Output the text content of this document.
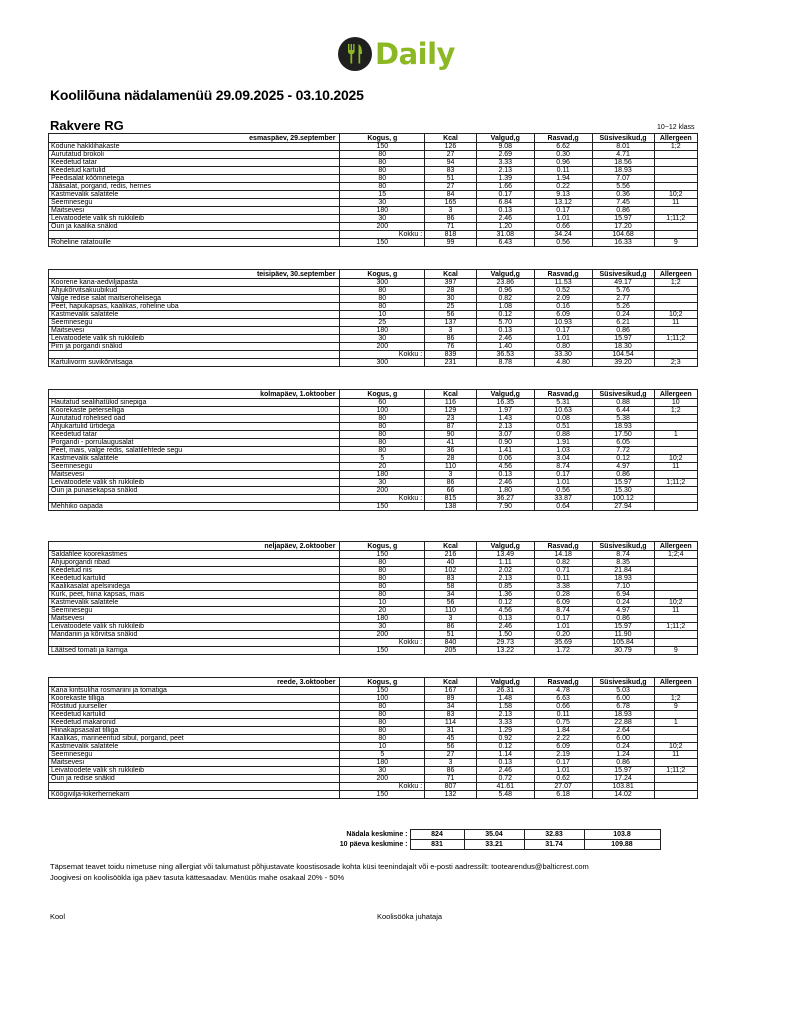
Daily
Koolilõuna nädalamenüü 29.09.2025 - 03.10.2025
Rakvere RG	10−12 klass
esmaspäev, 29.september	Kogus, g	Kcal	Valgud,g	Rasvad,g	Süsivesikud,g	Allergeen
Kodune hakklihakaste	150	126	9.08	6.62	8.01	1;2
Aurutatud brokoli	80	27	2.69	0.30	4.71	
Keedetud tatar	80	94	3.33	0.96	18.56	
Keedetud kartulid	80	83	2.13	0.11	18.93	
Peedisalat kõõmnetega	80	51	1.39	1.94	7.07	
Jääsalat, porgand, redis, hernes	80	27	1.66	0.22	5.56	
Kastmevalik salatitele	15	84	0.17	9.13	0.36	10;2
Seemnesegu	30	165	6.84	13.12	7.45	11
Maitsevesi	180	3	0.13	0.17	0.86	
Leivatoodete valik sh rukkileib	30	86	2.46	1.01	15.97	1;11;2
Õun ja kaalika snäkid	200	71	1.20	0.66	17.20	
	Kokku :	818	31.08	34.24	104.68	
Roheline ratatouille	150	99	6.43	0.56	16.33	9
teisipäev, 30.september	Kogus, g	Kcal	Valgud,g	Rasvad,g	Süsivesikud,g	Allergeen
Koorene kana-aedviljapasta	300	397	23.86	11.53	49.17	1;2
Ahjukõrvitsakuubikud	80	28	0.96	0.52	5.76	
Valge redise salat maitserohelisega	80	30	0.82	2.09	2.77	
Peet, hapukapsas, kaalikas, roheline uba	80	25	1.08	0.16	5.26	
Kastmevalik salatitele	10	56	0.12	6.09	0.24	10;2
Seemnesegu	25	137	5.70	10.93	6.21	11
Maitsevesi	180	3	0.13	0.17	0.86	
Leivatoodete valik sh rukkileib	30	86	2.46	1.01	15.97	1;11;2
Pirn ja porgandi snäkid	200	76	1.40	0.80	18.30	
	Kokku :	839	36.53	33.30	104.54	
Kartulivorm suvikõrvitsaga	300	231	8.78	4.80	39.20	2;3
kolmapäev, 1.oktoober	Kogus, g	Kcal	Valgud,g	Rasvad,g	Süsivesikud,g	Allergeen
Hautatud sealihatükid sinepiga	60	116	16.35	5.31	0.88	10
Koorekaste peterselliga	100	129	1.97	10.63	6.44	1;2
Aurutatud rohelised oad	80	23	1.43	0.08	5.38	
Ahjukartulid ürtidega	80	87	2.13	0.51	18.93	
Keedetud tatar	80	90	3.07	0.88	17.50	1
Porgandi - porrulaugusalat	80	41	0.90	1.91	6.05	
Peet, mais, valge redis, salatilehtede segu	80	36	1.41	1.03	7.72	
Kastmevalik salatitele	5	28	0.06	3.04	0.12	10;2
Seemnesegu	20	110	4.56	8.74	4.97	11
Maitsevesi	180	3	0.13	0.17	0.86	
Leivatoodete valik sh rukkileib	30	86	2.46	1.01	15.97	1;11;2
Õun ja punasekapsa snäkid	200	66	1.80	0.56	15.30	
	Kokku :	815	36.27	33.87	100.12	
Mehhiko oapada	150	138	7.90	0.64	27.94	
neljapäev, 2.oktoober	Kogus, g	Kcal	Valgud,g	Rasvad,g	Süsivesikud,g	Allergeen
Saldafilee koorekastmes	150	216	13.49	14.18	8.74	1;2;4
Ahjuporgandi ribad	80	40	1.11	0.82	8.35	
Keedetud riis	80	102	2.02	0.71	21.84	
Keedetud kartulid	80	83	2.13	0.11	18.93	
Kaalikasalat apelsinidega	80	58	0.85	3.38	7.10	
Kurk, peet, hiina kapsas, mais	80	34	1.36	0.28	6.94	
Kastmevalik salatitele	10	56	0.12	6.09	0.24	10;2
Seemnesegu	20	110	4.56	8.74	4.97	11
Maitsevesi	180	3	0.13	0.17	0.86	
Leivatoodete valik sh rukkileib	30	86	2.46	1.01	15.97	1;11;2
Mandariin ja kõrvitsa snäkid	200	51	1.50	0.20	11.90	
	Kokku :	840	29.73	35.69	105.84	
Läätsed tomati ja karriga	150	205	13.22	1.72	30.79	9
reede, 3.oktoober	Kogus, g	Kcal	Valgud,g	Rasvad,g	Süsivesikud,g	Allergeen
Kana kintsuliha rosmariini ja tomatiga	150	167	26.31	4.78	5.03	
Koorekaste tilliga	100	89	1.48	6.63	6.00	1;2
Röstitud juurseller	80	34	1.58	0.66	6.78	9
Keedetud kartulid	80	83	2.13	0.11	18.93	
Keedetud makaronid	80	114	3.33	0.75	22.88	1
Hiinakapsasalat tilliga	80	31	1.29	1.84	2.64	
Kaalikas, marineeritud sibul, porgand, peet	80	45	0.92	2.22	6.00	
Kastmevalik salatitele	10	56	0.12	6.09	0.24	10;2
Seemnesegu	5	27	1.14	2.19	1.24	11
Maitsevesi	180	3	0.13	0.17	0.86	
Leivatoodete valik sh rukkileib	30	86	2.46	1.01	15.97	1;11;2
Õun ja redise snäkid	200	71	0.72	0.62	17.24	
	Kokku :	807	41.61	27.07	103.81	
Köögivilja-kikerhernekarri	150	132	5.48	6.18	14.02	
Nädala keskmine :	824	35.04	32.83	103.8
10 päeva keskmine :	831	33.21	31.74	109.88
Täpsemat teavet toidu nimetuse ning allergiat või talumatust põhjustavate koostisosade kohta küsi teenindajalt või e-posti aadressilt: tootearendus@balticrest.com
Joogivesi on koolisöökla iga päev tasuta kättesaadav. Menüüs mahe osakaal 20% - 50%
Kool	Koolisööka juhataja
